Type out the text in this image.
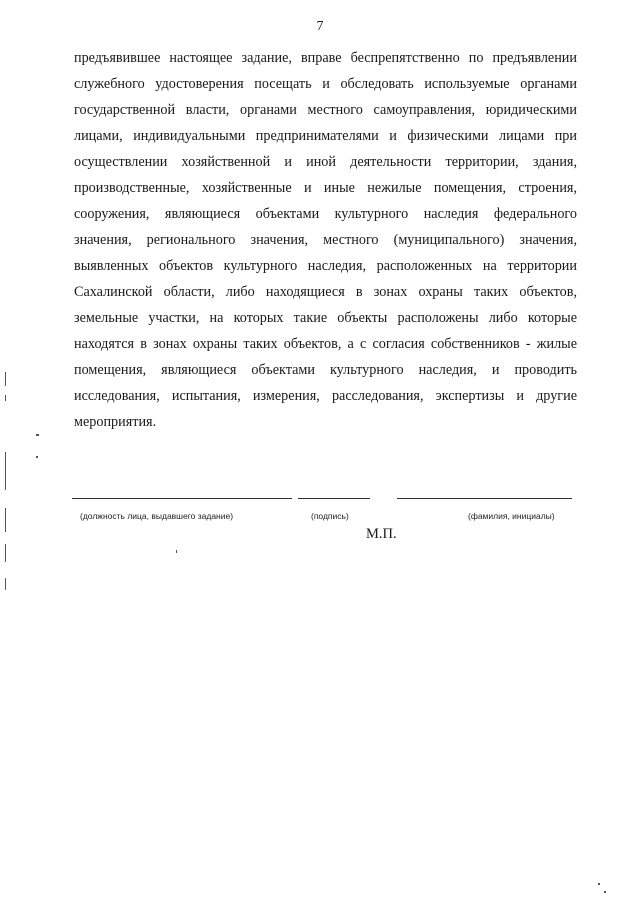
7

предъявившее настоящее задание, вправе беспрепятственно по предъявлении служебного удостоверения посещать и обследовать используемые органами государственной власти, органами местного самоуправления, юридическими лицами, индивидуальными предпринимателями и физическими лицами при осуществлении хозяйственной и иной деятельности территории, здания, производственные, хозяйственные и иные нежилые помещения, строения, сооружения, являющиеся объектами культурного наследия федерального значения, регионального значения, местного (муниципального) значения, выявленных объектов культурного наследия, расположенных на территории Сахалинской области, либо находящиеся в зонах охраны таких объектов, земельные участки, на которых такие объекты расположены либо которые находятся в зонах охраны таких объектов, а с согласия собственников - жилые помещения, являющиеся объектами культурного наследия, и проводить исследования, испытания, измерения, расследования, экспертизы и другие мероприятия.

(должность лица, выдавшего задание)	(подпись)	(фамилия, инициалы)
М.П.
